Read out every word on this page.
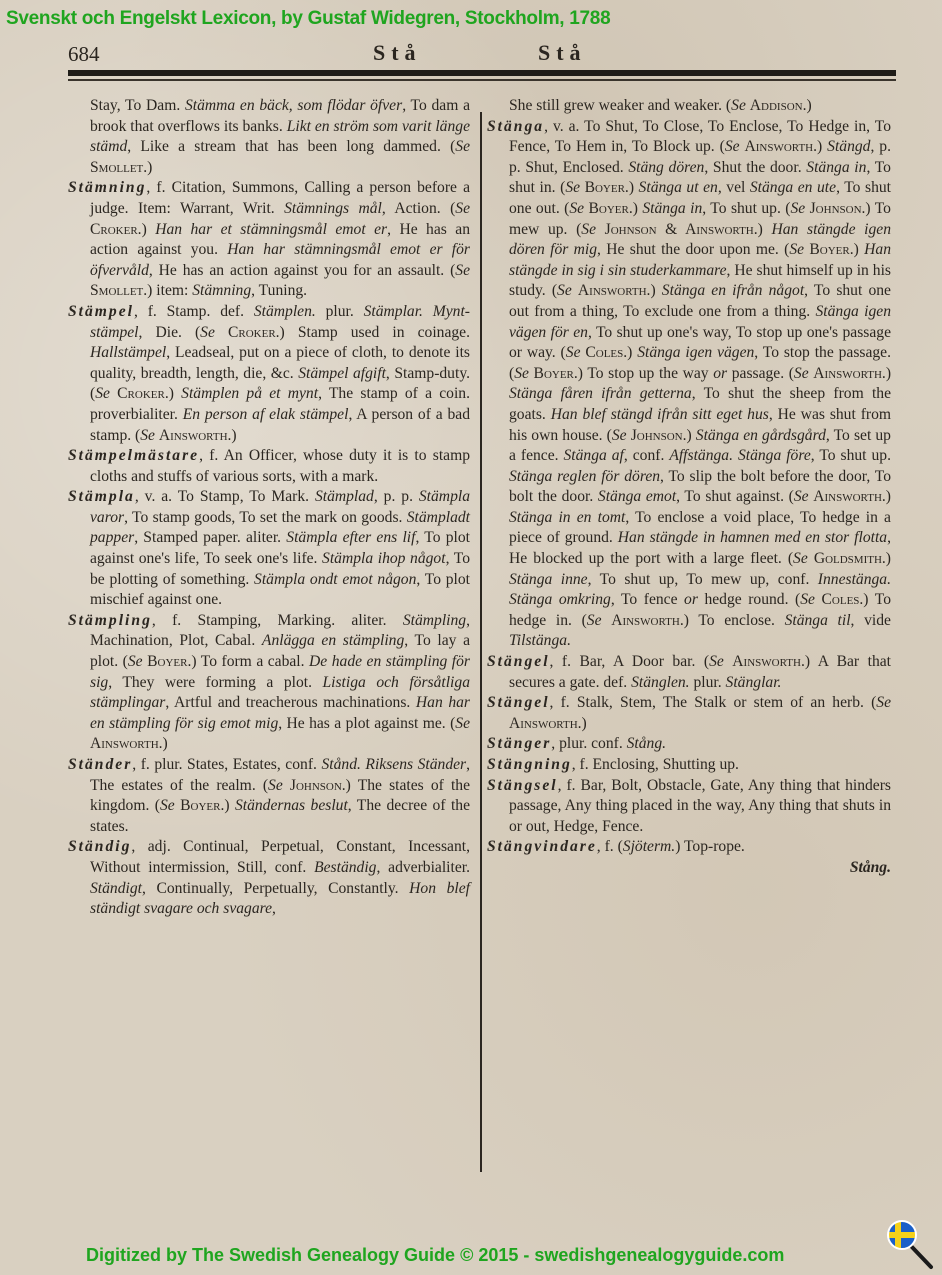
Svenskt och Engelskt Lexicon, by Gustaf Widegren, Stockholm, 1788
684	Stå	Stå

Stay, To Dam. Stämma en bäck, som flödar öfver, To dam a brook that overflows its banks. Likt en ström som varit länge stämd, Like a stream that has been long dammed. (Se Smollet.)

Stämning, f. Citation, Summons, Calling a person before a judge. Item: Warrant, Writ. Stämnings mål, Action. (Se Croker.) Han har et stämningsmål emot er, He has an action against you. Han har stämningsmål emot er för öfvervåld, He has an action against you for an assault. (Se Smollet.) item: Stämning, Tuning.

Stämpel, f. Stamp. def. Stämplen. plur. Stämplar. Mynt-stämpel, Die. (Se Croker.) Stamp used in coinage. Hallstämpel, Leadseal, put on a piece of cloth, to denote its quality, breadth, length, die, &c. Stämpel afgift, Stamp-duty. (Se Croker.) Stämplen på et mynt, The stamp of a coin. proverbialiter. En person af elak stämpel, A person of a bad stamp. (Se Ainsworth.)

Stämpelmästare, f. An Officer, whose duty it is to stamp cloths and stuffs of various sorts, with a mark.

Stämpla, v. a. To Stamp, To Mark. Stämplad, p. p. Stämpla varor, To stamp goods, To set the mark on goods. Stämpladt papper, Stamped paper. aliter. Stämpla efter ens lif, To plot against one's life, To seek one's life. Stämpla ihop något, To be plotting of something. Stämpla ondt emot någon, To plot mischief against one.

Stämpling, f. Stamping, Marking. aliter. Stämpling, Machination, Plot, Cabal. Anlägga en stämpling, To lay a plot. (Se Boyer.) To form a cabal. De hade en stämpling för sig, They were forming a plot. Listiga och försåtliga stämplingar, Artful and treacherous machinations. Han har en stämpling för sig emot mig, He has a plot against me. (Se Ainsworth.)

Ständer, f. plur. States, Estates, conf. Stånd. Riksens Ständer, The estates of the realm. (Se Johnson.) The states of the kingdom. (Se Boyer.) Ständernas beslut, The decree of the states.

Ständig, adj. Continual, Perpetual, Constant, Incessant, Without intermission, Still, conf. Beständig, adverbialiter. Ständigt, Continually, Perpetually, Constantly. Hon blef ständigt svagare och svagare,

She still grew weaker and weaker. (Se Addison.)

Stänga, v. a. To Shut, To Close, To Enclose, To Hedge in, To Fence, To Hem in, To Block up. (Se Ainsworth.) Stängd, p. p. Shut, Enclosed. Stäng dören, Shut the door. Stänga in, To shut in. (Se Boyer.) Stänga ut en, vel Stänga en ute, To shut one out. (Se Boyer.) Stänga in, To shut up. (Se Johnson.) To mew up. (Se Johnson & Ainsworth.) Han stängde igen dören för mig, He shut the door upon me. (Se Boyer.) Han stängde in sig i sin studerkammare, He shut himself up in his study. (Se Ainsworth.) Stänga en ifrån något, To shut one out from a thing, To exclude one from a thing. Stänga igen vägen för en, To shut up one's way, To stop up one's passage or way. (Se Coles.) Stänga igen vägen, To stop the passage. (Se Boyer.) To stop up the way or passage. (Se Ainsworth.) Stänga fåren ifrån getterna, To shut the sheep from the goats. Han blef stängd ifrån sitt eget hus, He was shut from his own house. (Se Johnson.) Stänga en gårdsgård, To set up a fence. Stänga af, conf. Affstänga. Stänga före, To shut up. Stänga reglen för dören, To slip the bolt before the door, To bolt the door. Stänga emot, To shut against. (Se Ainsworth.) Stänga in en tomt, To enclose a void place, To hedge in a piece of ground. Han stängde in hamnen med en stor flotta, He blocked up the port with a large fleet. (Se Goldsmith.) Stänga inne, To shut up, To mew up, conf. Innestänga. Stänga omkring, To fence or hedge round. (Se Coles.) To hedge in. (Se Ainsworth.) To enclose. Stänga til, vide Tilstänga.

Stängel, f. Bar, A Door bar. (Se Ainsworth.) A Bar that secures a gate. def. Stänglen. plur. Stänglar.

Stängel, f. Stalk, Stem, The Stalk or stem of an herb. (Se Ainsworth.)

Stänger, plur. conf. Stång.

Stängning, f. Enclosing, Shutting up.

Stängsel, f. Bar, Bolt, Obstacle, Gate, Any thing that hinders passage, Any thing placed in the way, Any thing that shuts in or out, Hedge, Fence.

Stängvindare, f. (Sjöterm.) Top-rope.

Stång.

Digitized by The Swedish Genealogy Guide © 2015 - swedishgenealogyguide.com
